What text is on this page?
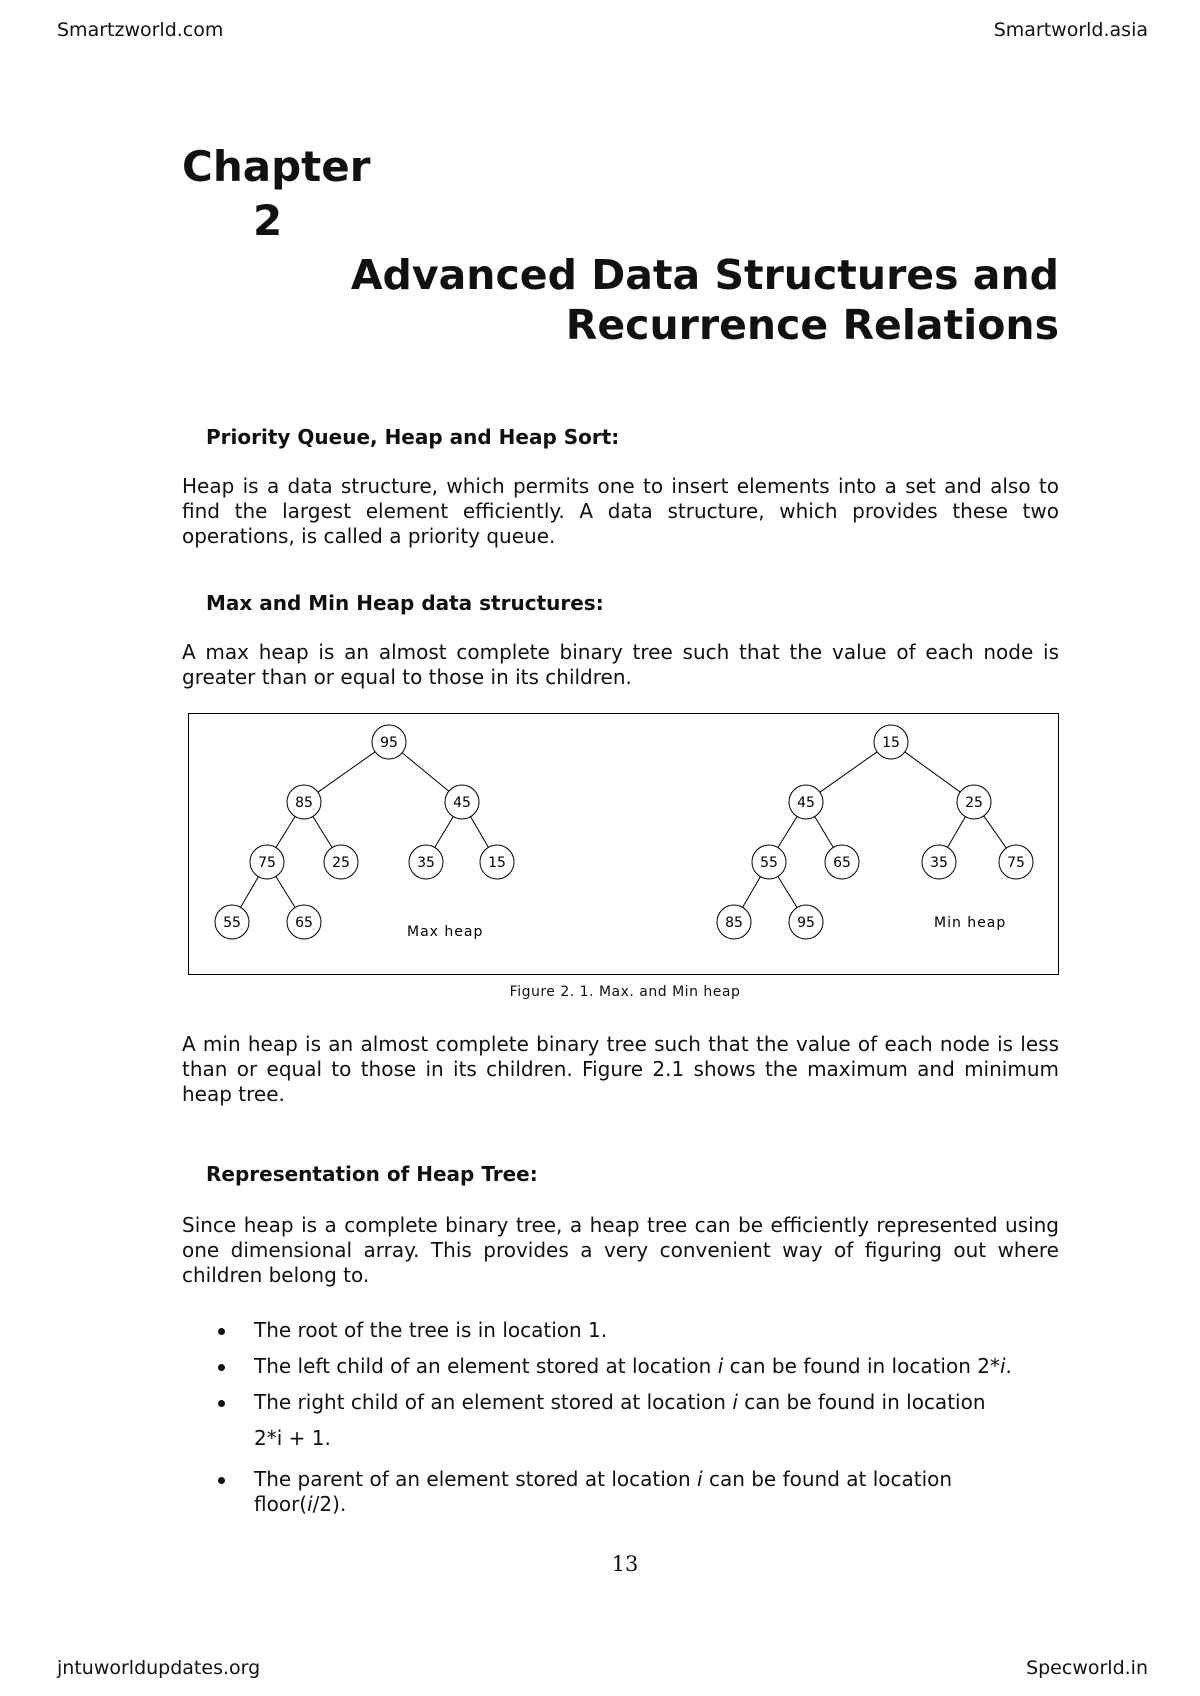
Smartzworld.com	Smartworld.asia
Chapter
2
Advanced Data Structures and
Recurrence Relations
Priority Queue, Heap and Heap Sort:

Heap is a data structure, which permits one to insert elements into a set and also to find the largest element efficiently. A data structure, which provides these two operations, is called a priority queue.

Max and Min Heap data structures:

A max heap is an almost complete binary tree such that the value of each node is greater than or equal to those in its children.

95
85	45
75	25	35	15
55	65
15
45	25
55	65	35	75
85	95
Max heap
Min heap
Figure 2. 1. Max. and Min heap

A min heap is an almost complete binary tree such that the value of each node is less than or equal to those in its children. Figure 2.1 shows the maximum and minimum heap tree.

Representation of Heap Tree:

Since heap is a complete binary tree, a heap tree can be efficiently represented using one dimensional array. This provides a very convenient way of figuring out where children belong to.

The root of the tree is in location 1.
The left child of an element stored at location i can be found in location 2*i.
The right child of an element stored at location i can be found in location
2*i + 1.
The parent of an element stored at location i can be found at location
floor(i/2).
13
jntuworldupdates.org	Specworld.in
